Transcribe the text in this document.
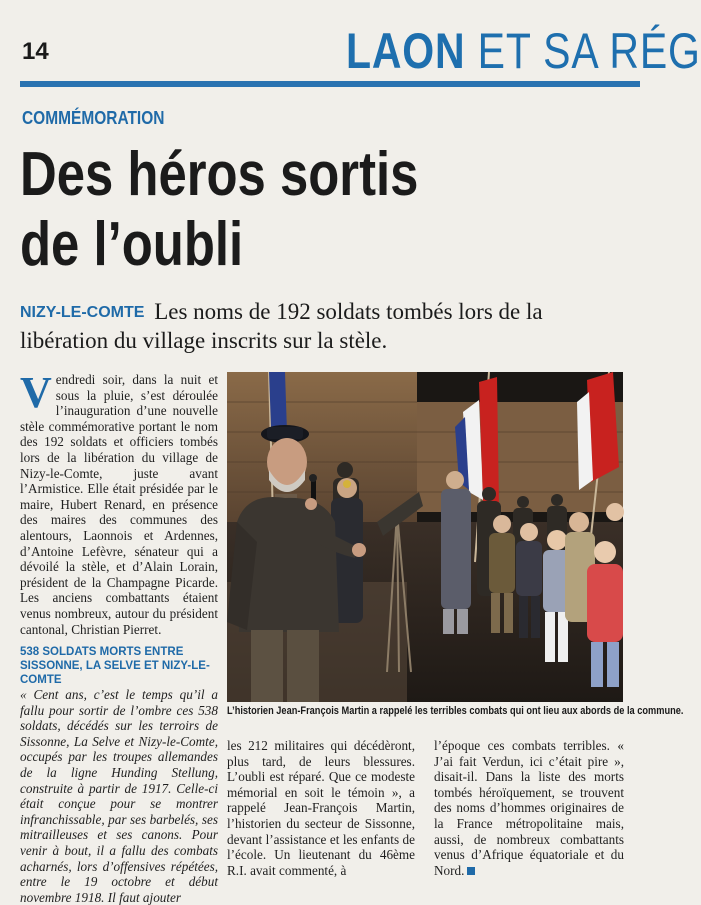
14	LAON ET SA RÉG
COMMÉMORATION
Des héros sortis
de l’oubli
NIZY-LE-COMTE Les noms de 192 soldats tombés lors de la libération du village inscrits sur la stèle.
V endredi soir, dans la nuit et sous la pluie, s’est déroulée l’inauguration d’une nouvelle stèle commémorative portant le nom des 192 soldats et officiers tombés lors de la libération du village de Nizy-le-Comte, juste avant l’Armistice. Elle était présidée par le maire, Hubert Renard, en présence des maires des communes des alentours, Laonnois et Ardennes, d’Antoine Lefèvre, sénateur qui a dévoilé la stèle, et d’Alain Lorain, président de la Champagne Picarde. Les anciens combattants étaient venus nombreux, autour du président cantonal, Christian Pierret.
538 SOLDATS MORTS ENTRE SISSONNE, LA SELVE ET NIZY-LE-COMTE
« Cent ans, c’est le temps qu’il a fallu pour sortir de l’ombre ces 538 soldats, décédés sur les terroirs de Sissonne, La Selve et Nizy-le-Comte, occupés par les troupes allemandes de la ligne Hunding Stellung, construite à partir de 1917. Celle-ci était conçue pour se montrer infranchissable, par ses barbelés, ses mitrailleuses et ses canons. Pour venir à bout, il a fallu des combats acharnés, lors d’offensives répétées, entre le 19 octobre et début novembre 1918. Il faut ajouter
L’historien Jean-François Martin a rappelé les terribles combats qui ont lieu aux abords de la commune.
les 212 militaires qui décédèront, plus tard, de leurs blessures. L’oubli est réparé. Que ce modeste mémorial en soit le témoin », a rappelé Jean-François Martin, l’historien du secteur de Sissonne, devant l’assistance et les enfants de l’école. Un lieutenant du 46ème R.I. avait commenté, à
l’époque ces combats terribles. « J’ai fait Verdun, ici c’était pire », disait-il. Dans la liste des morts tombés héroïquement, se trouvent des noms d’hommes originaires de la France métropolitaine mais, aussi, de nombreux combattants venus d’Afrique équatoriale et du Nord.
